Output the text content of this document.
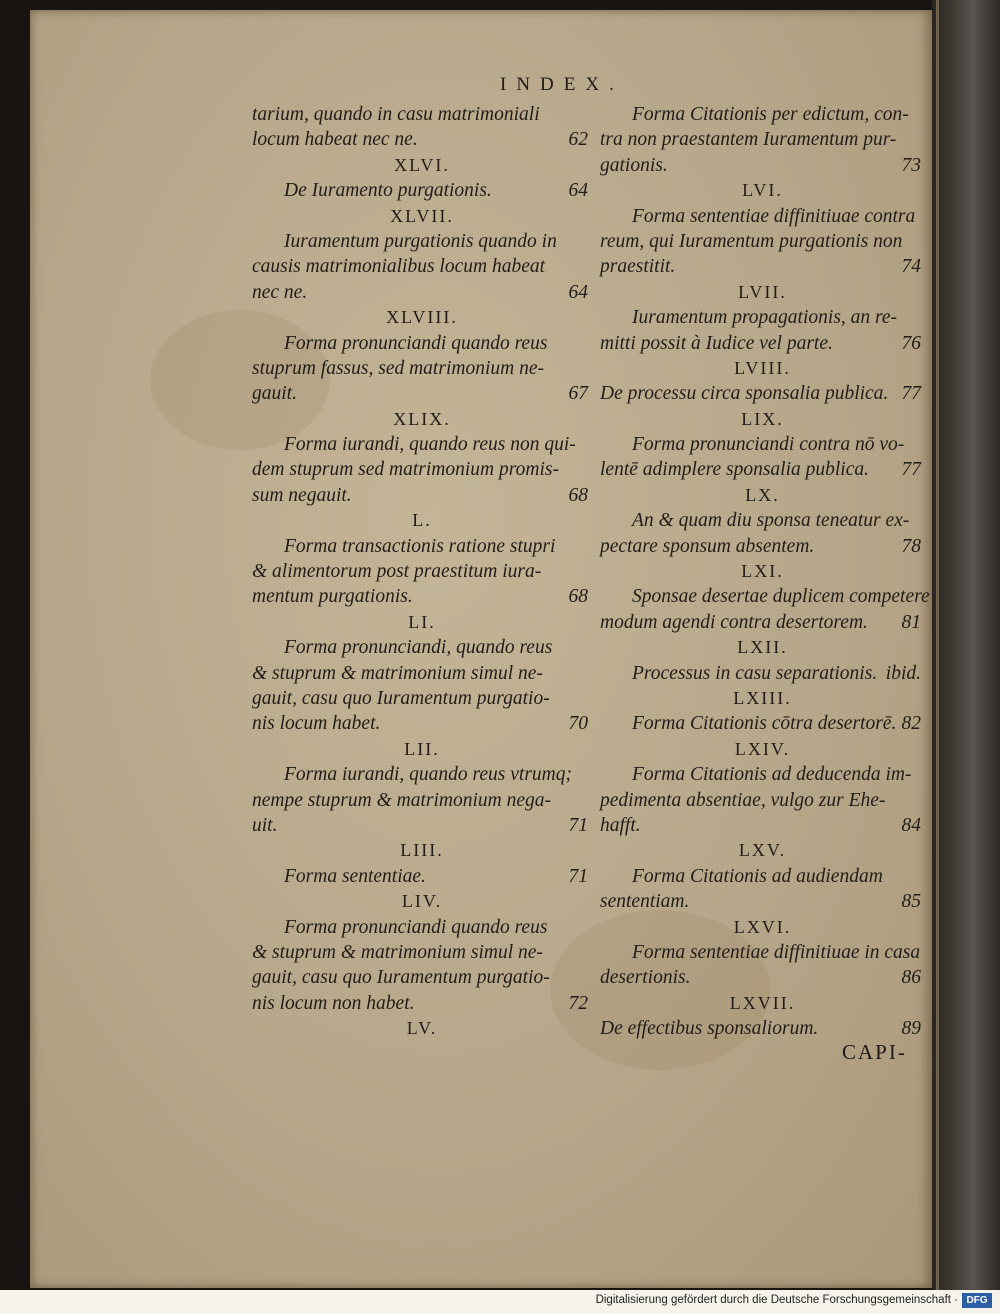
INDEX.
tarium, quando in casu matrimoniali
locum habeat nec ne.	62
XLVI.
De Iuramento purgationis.	64
XLVII.
Iuramentum purgationis quando in
causis matrimonialibus locum habeat
nec ne.	64
XLVIII.
Forma pronunciandi quando reus
stuprum fassus, sed matrimonium ne-
gauit.	67
XLIX.
Forma iurandi, quando reus non qui-
dem stuprum sed matrimonium promis-
sum negauit.	68
L.
Forma transactionis ratione stupri
& alimentorum post praestitum iura-
mentum purgationis.	68
LI.
Forma pronunciandi, quando reus
& stuprum & matrimonium simul ne-
gauit, casu quo Iuramentum purgatio-
nis locum habet.	70
LII.
Forma iurandi, quando reus vtrumq;
nempe stuprum & matrimonium nega-
uit.	71
LIII.
Forma sententiae.	71
LIV.
Forma pronunciandi quando reus
& stuprum & matrimonium simul ne-
gauit, casu quo Iuramentum purgatio-
nis locum non habet.	72
LV.
Forma Citationis per edictum, con-
tra non praestantem Iuramentum pur-
gationis.	73
LVI.
Forma sententiae diffinitiuae contra
reum, qui Iuramentum purgationis non
praestitit.	74
LVII.
Iuramentum propagationis, an re-
mitti possit à Iudice vel parte.	76
LVIII.
De processu circa sponsalia publica. 77
LIX.
Forma pronunciandi contra nō vo-
lentē adimplere sponsalia publica. 77
LX.
An & quam diu sponsa teneatur ex-
pectare sponsum absentem.	78
LXI.
Sponsae desertae duplicem competere
modum agendi contra desertorem. 81
LXII.
Processus in casu separationis. ibid.
LXIII.
Forma Citationis cōtra desertorē. 82
LXIV.
Forma Citationis ad deducenda im-
pedimenta absentiae, vulgo zur Ehe-
hafft.	84
LXV.
Forma Citationis ad audiendam
sententiam.	85
LXVI.
Forma sententiae diffinitiuae in casa
desertionis.	86
LXVII.
De effectibus sponsaliorum.	89
CAPI-
Digitalisierung gefördert durch die Deutsche Forschungsgemeinschaft · DFG
